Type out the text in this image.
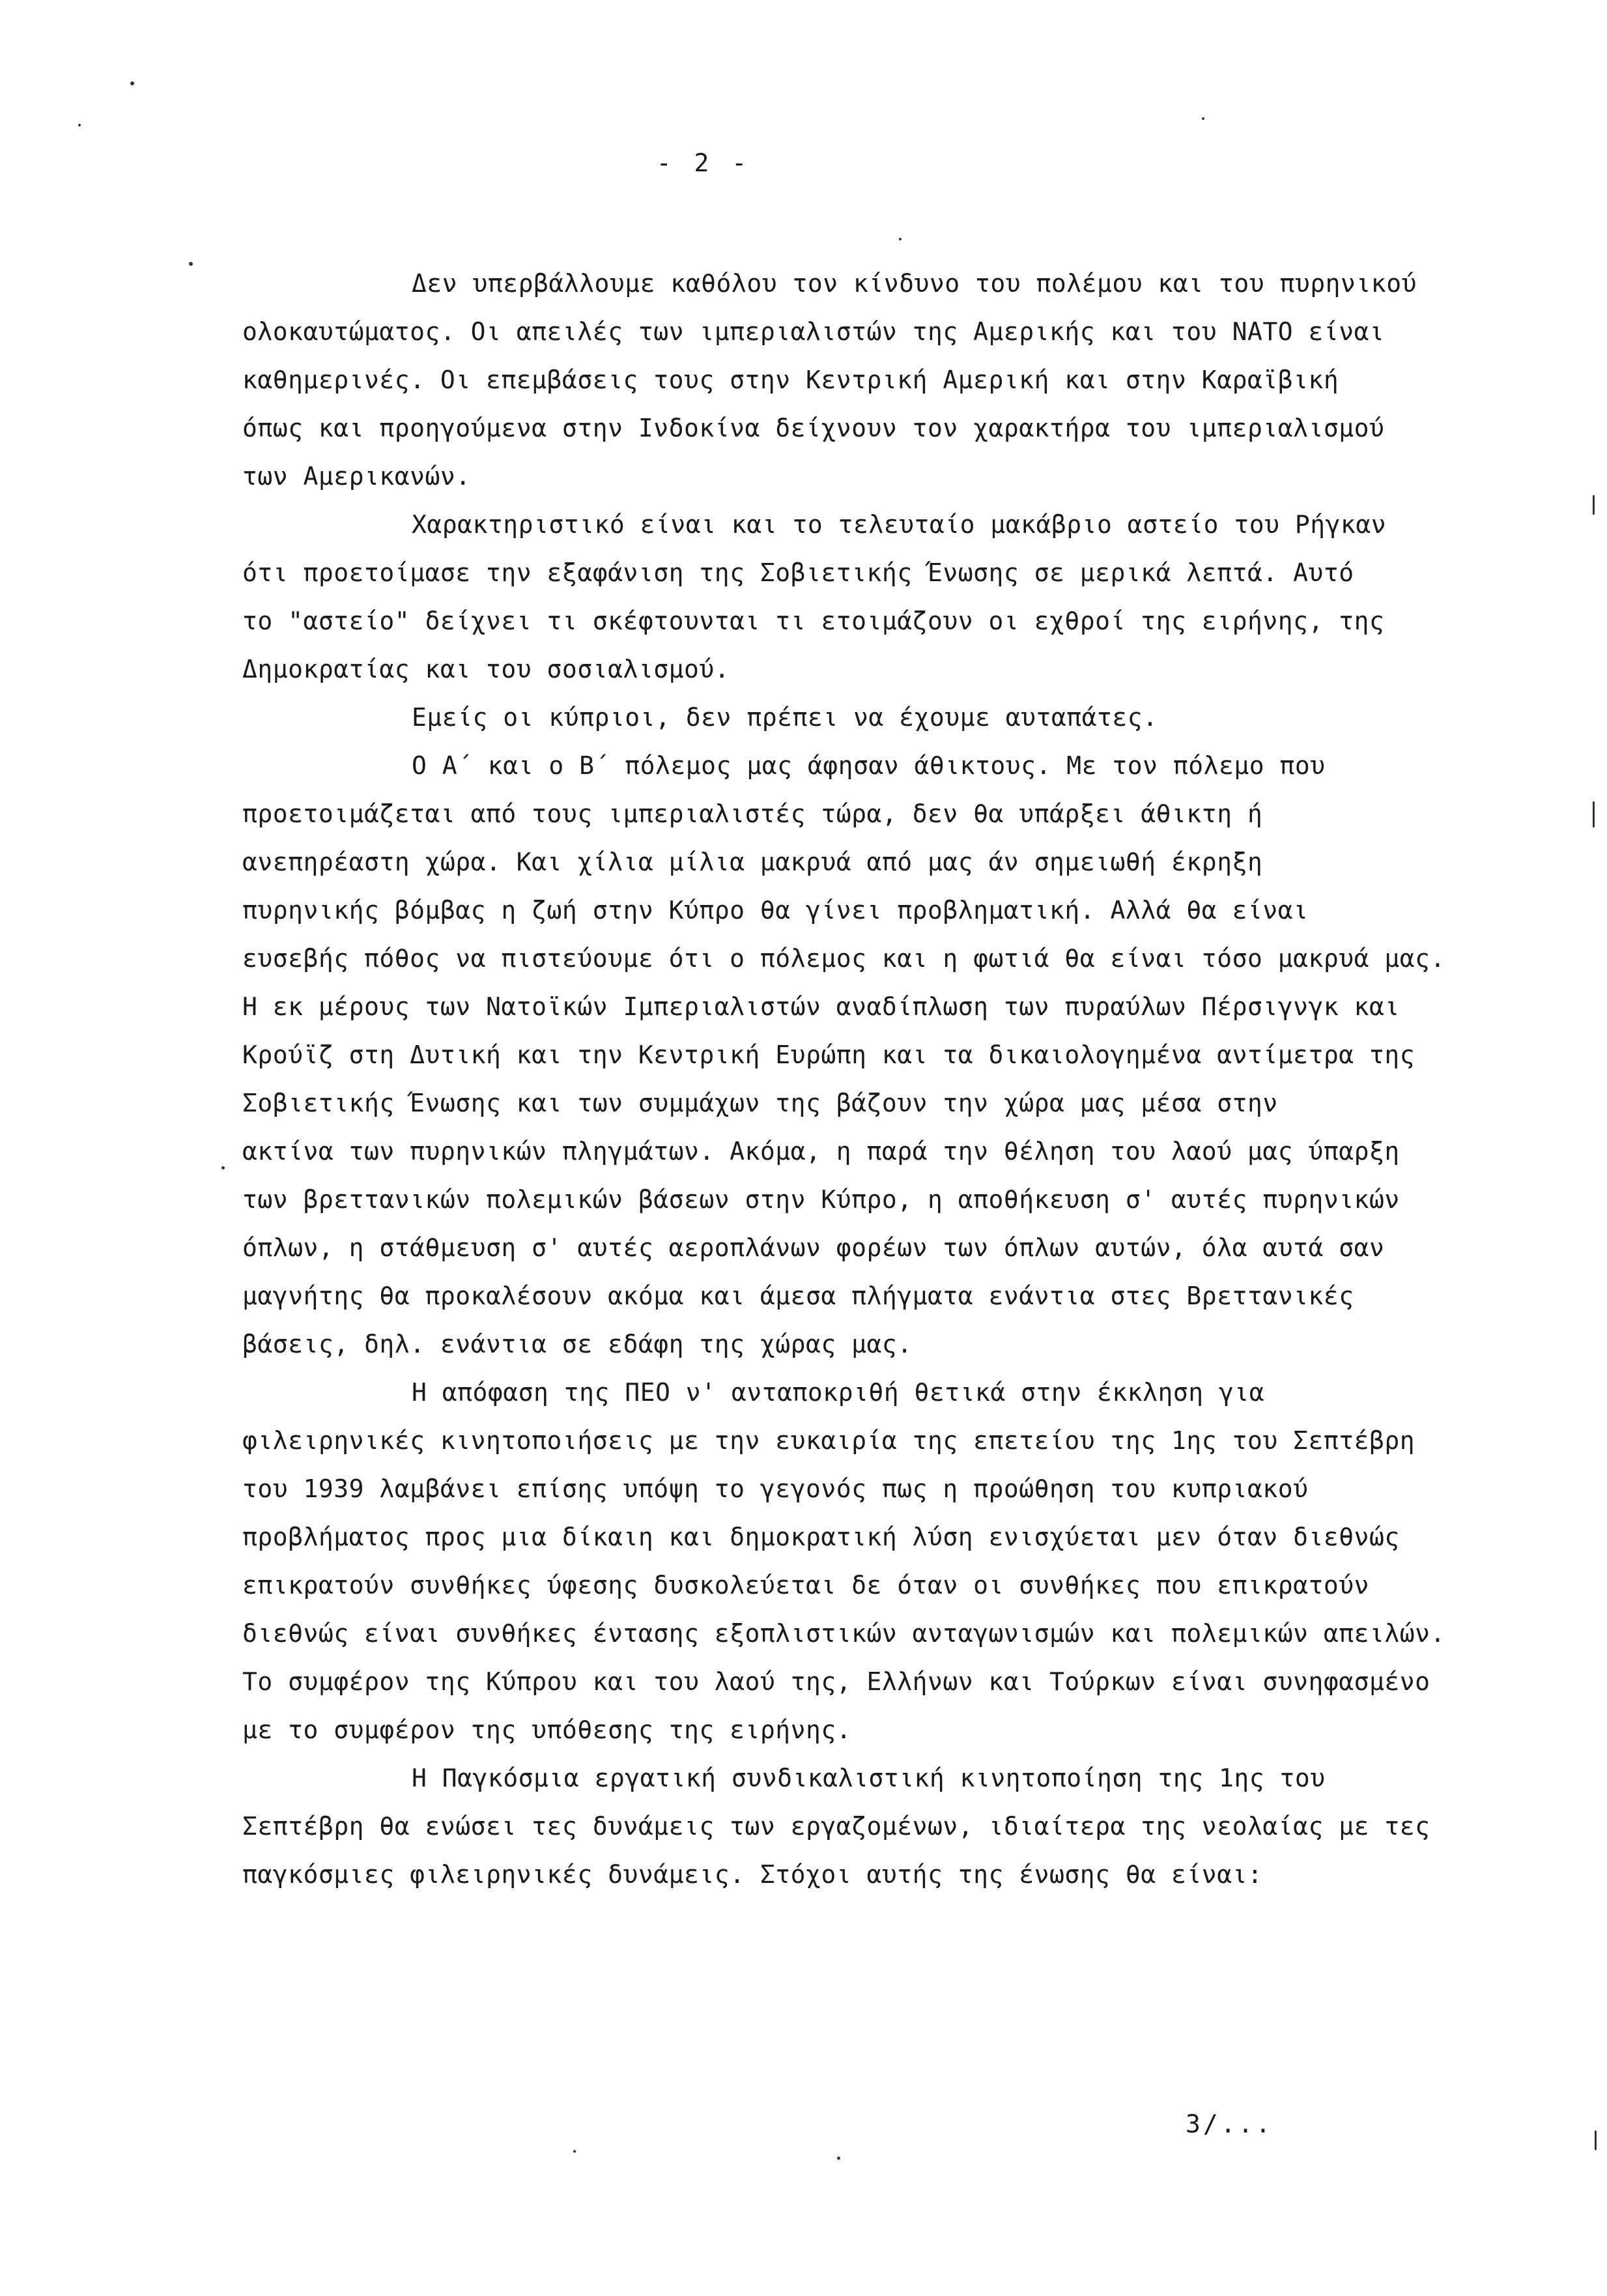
- 2 -
Δεν υπερβάλλουμε καθόλου τον κίνδυνο του πολέμου και του πυρηνικού
ολοκαυτώματος. Οι απειλές των ιμπεριαλιστών της Αμερικής και του ΝΑΤΟ είναι
καθημερινές. Οι επεμβάσεις τους στην Κεντρική Αμερική και στην Καραϊβική
όπως και προηγούμενα στην Ινδοκίνα δείχνουν τον χαρακτήρα του ιμπεριαλισμού
των Αμερικανών.
Χαρακτηριστικό είναι και το τελευταίο μακάβριο αστείο του Ρήγκαν
ότι προετοίμασε την εξαφάνιση της Σοβιετικής Ένωσης σε μερικά λεπτά. Αυτό
το "αστείο" δείχνει τι σκέφτουνται τι ετοιμάζουν οι εχθροί της ειρήνης, της
Δημοκρατίας και του σοσιαλισμού.
Εμείς οι κύπριοι, δεν πρέπει να έχουμε αυταπάτες.
Ο Α΄ και ο Β΄ πόλεμος μας άφησαν άθικτους. Με τον πόλεμο που
προετοιμάζεται από τους ιμπεριαλιστές τώρα, δεν θα υπάρξει άθικτη ή
ανεπηρέαστη χώρα. Και χίλια μίλια μακρυά από μας άν σημειωθή έκρηξη
πυρηνικής βόμβας η ζωή στην Κύπρο θα γίνει προβληματική. Αλλά θα είναι
ευσεβής πόθος να πιστεύουμε ότι ο πόλεμος και η φωτιά θα είναι τόσο μακρυά μας.
Η εκ μέρους των Νατοϊκών Ιμπεριαλιστών αναδίπλωση των πυραύλων Πέρσιγνγκ και
Κρούϊζ στη Δυτική και την Κεντρική Ευρώπη και τα δικαιολογημένα αντίμετρα της
Σοβιετικής Ένωσης και των συμμάχων της βάζουν την χώρα μας μέσα στην
ακτίνα των πυρηνικών πληγμάτων. Ακόμα, η παρά την θέληση του λαού μας ύπαρξη
των βρεττανικών πολεμικών βάσεων στην Κύπρο, η αποθήκευση σ' αυτές πυρηνικών
όπλων, η στάθμευση σ' αυτές αεροπλάνων φορέων των όπλων αυτών, όλα αυτά σαν
μαγνήτης θα προκαλέσουν ακόμα και άμεσα πλήγματα ενάντια στες Βρεττανικές
βάσεις, δηλ. ενάντια σε εδάφη της χώρας μας.
Η απόφαση της ΠΕΟ ν' ανταποκριθή θετικά στην έκκληση για
φιλειρηνικές κινητοποιήσεις με την ευκαιρία της επετείου της 1ης του Σεπτέβρη
του 1939 λαμβάνει επίσης υπόψη το γεγονός πως η προώθηση του κυπριακού
προβλήματος προς μια δίκαιη και δημοκρατική λύση ενισχύεται μεν όταν διεθνώς
επικρατούν συνθήκες ύφεσης δυσκολεύεται δε όταν οι συνθήκες που επικρατούν
διεθνώς είναι συνθήκες έντασης εξοπλιστικών ανταγωνισμών και πολεμικών απειλών.
Το συμφέρον της Κύπρου και του λαού της, Ελλήνων και Τούρκων είναι συνηφασμένο
με το συμφέρον της υπόθεσης της ειρήνης.
Η Παγκόσμια εργατική συνδικαλιστική κινητοποίηση της 1ης του
Σεπτέβρη θα ενώσει τες δυνάμεις των εργαζομένων, ιδιαίτερα της νεολαίας με τες
παγκόσμιες φιλειρηνικές δυνάμεις. Στόχοι αυτής της ένωσης θα είναι:
3/...
